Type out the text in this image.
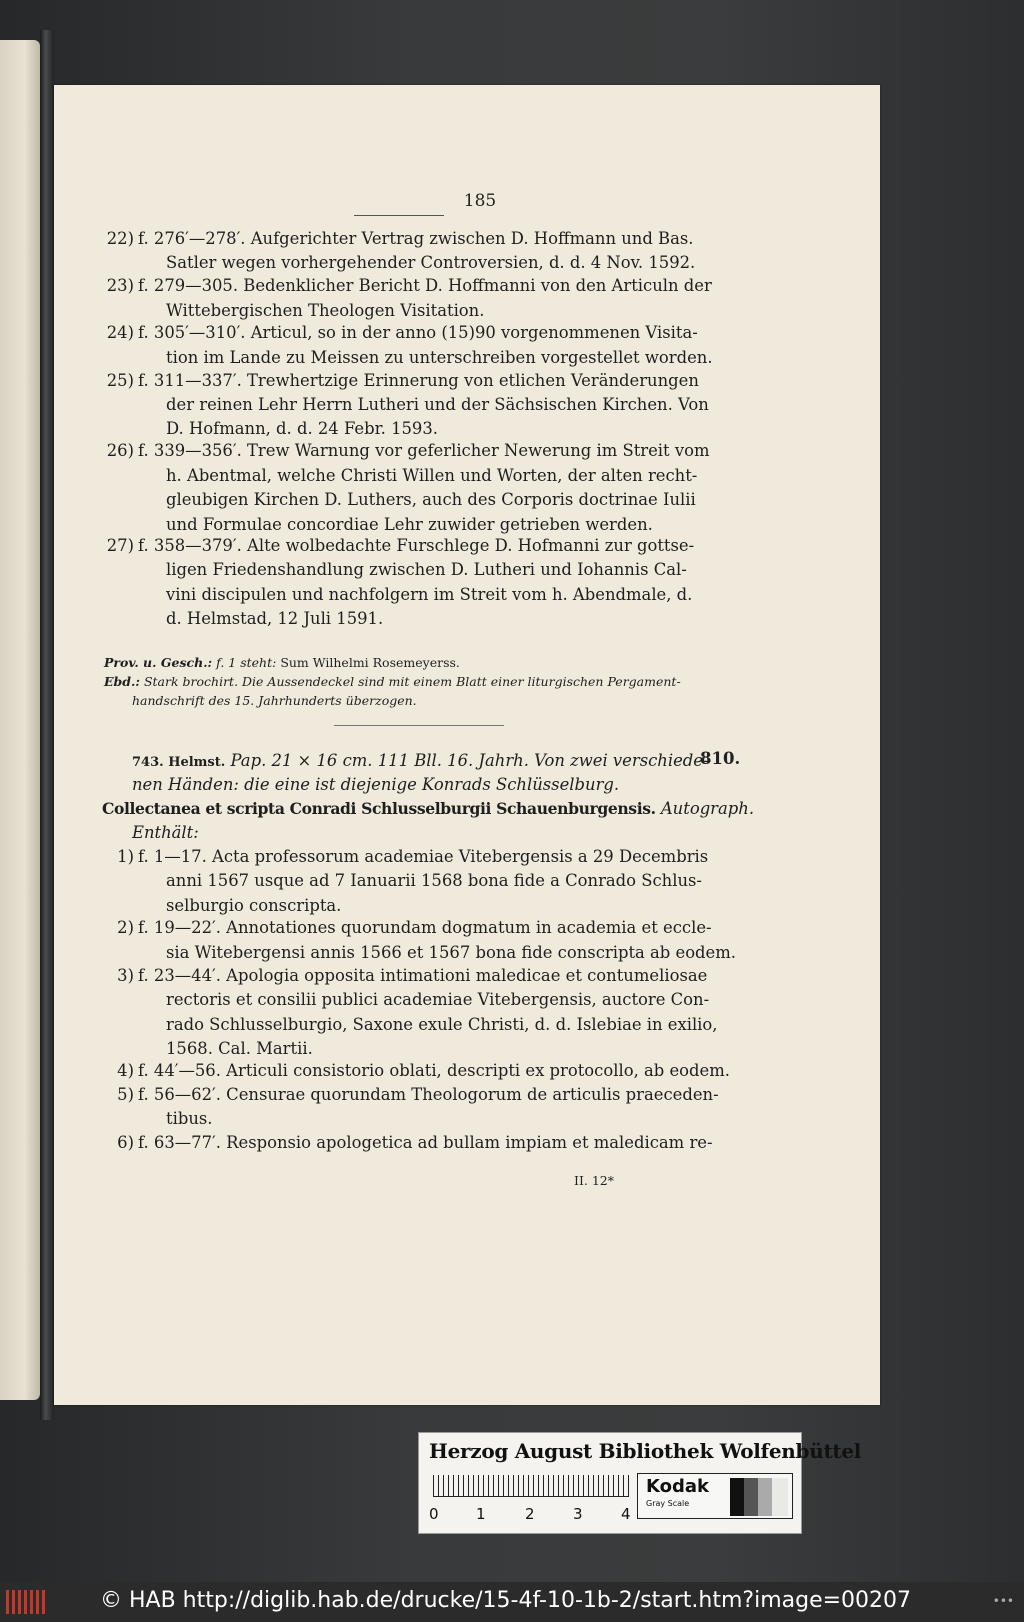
185
22) f. 276′—278′. Aufgerichter Vertrag zwischen D. Hoffmann und Bas.
Satler wegen vorhergehender Controversien, d. d. 4 Nov. 1592.
23) f. 279—305. Bedenklicher Bericht D. Hoffmanni von den Articuln der
Wittebergischen Theologen Visitation.
24) f. 305′—310′. Articul, so in der anno (15)90 vorgenommenen Visita-
tion im Lande zu Meissen zu unterschreiben vorgestellet worden.
25) f. 311—337′. Trewhertzige Erinnerung von etlichen Veränderungen
der reinen Lehr Herrn Lutheri und der Sächsischen Kirchen. Von
D. Hofmann, d. d. 24 Febr. 1593.
26) f. 339—356′. Trew Warnung vor geferlicher Newerung im Streit vom
h. Abentmal, welche Christi Willen und Worten, der alten recht-
gleubigen Kirchen D. Luthers, auch des Corporis doctrinae Iulii
und Formulae concordiae Lehr zuwider getrieben werden.
27) f. 358—379′. Alte wolbedachte Furschlege D. Hofmanni zur gottse-
ligen Friedenshandlung zwischen D. Lutheri und Iohannis Cal-
vini discipulen und nachfolgern im Streit vom h. Abendmale, d.
d. Helmstad, 12 Juli 1591.
Prov. u. Gesch.: f. 1 steht: Sum Wilhelmi Rosemeyerss.
Ebd.: Stark brochirt. Die Aussendeckel sind mit einem Blatt einer liturgischen Pergament-
handschrift des 15. Jahrhunderts überzogen.
743. Helmst. Pap. 21 × 16 cm. 111 Bll. 16. Jahrh. Von zwei verschiede-
810.
nen Händen: die eine ist diejenige Konrads Schlüsselburg.
Collectanea et scripta Conradi Schlusselburgii Schauenburgensis. Autograph.
Enthält:
1) f. 1—17. Acta professorum academiae Vitebergensis a 29 Decembris
anni 1567 usque ad 7 Ianuarii 1568 bona fide a Conrado Schlus-
selburgio conscripta.
2) f. 19—22′. Annotationes quorundam dogmatum in academia et eccle-
sia Witebergensi annis 1566 et 1567 bona fide conscripta ab eodem.
3) f. 23—44′. Apologia opposita intimationi maledicae et contumeliosae
rectoris et consilii publici academiae Vitebergensis, auctore Con-
rado Schlusselburgio, Saxone exule Christi, d. d. Islebiae in exilio,
1568. Cal. Martii.
4) f. 44′—56. Articuli consistorio oblati, descripti ex protocollo, ab eodem.
5) f. 56—62′. Censurae quorundam Theologorum de articulis praeceden-
tibus.
6) f. 63—77′. Responsio apologetica ad bullam impiam et maledicam re-
II. 12*
Herzog August Bibliothek Wolfenbüttel
0 1	2	3	4
Kodak
Gray Scale
© HAB http://diglib.hab.de/drucke/15-4f-10-1b-2/start.htm?image=00207	•••
